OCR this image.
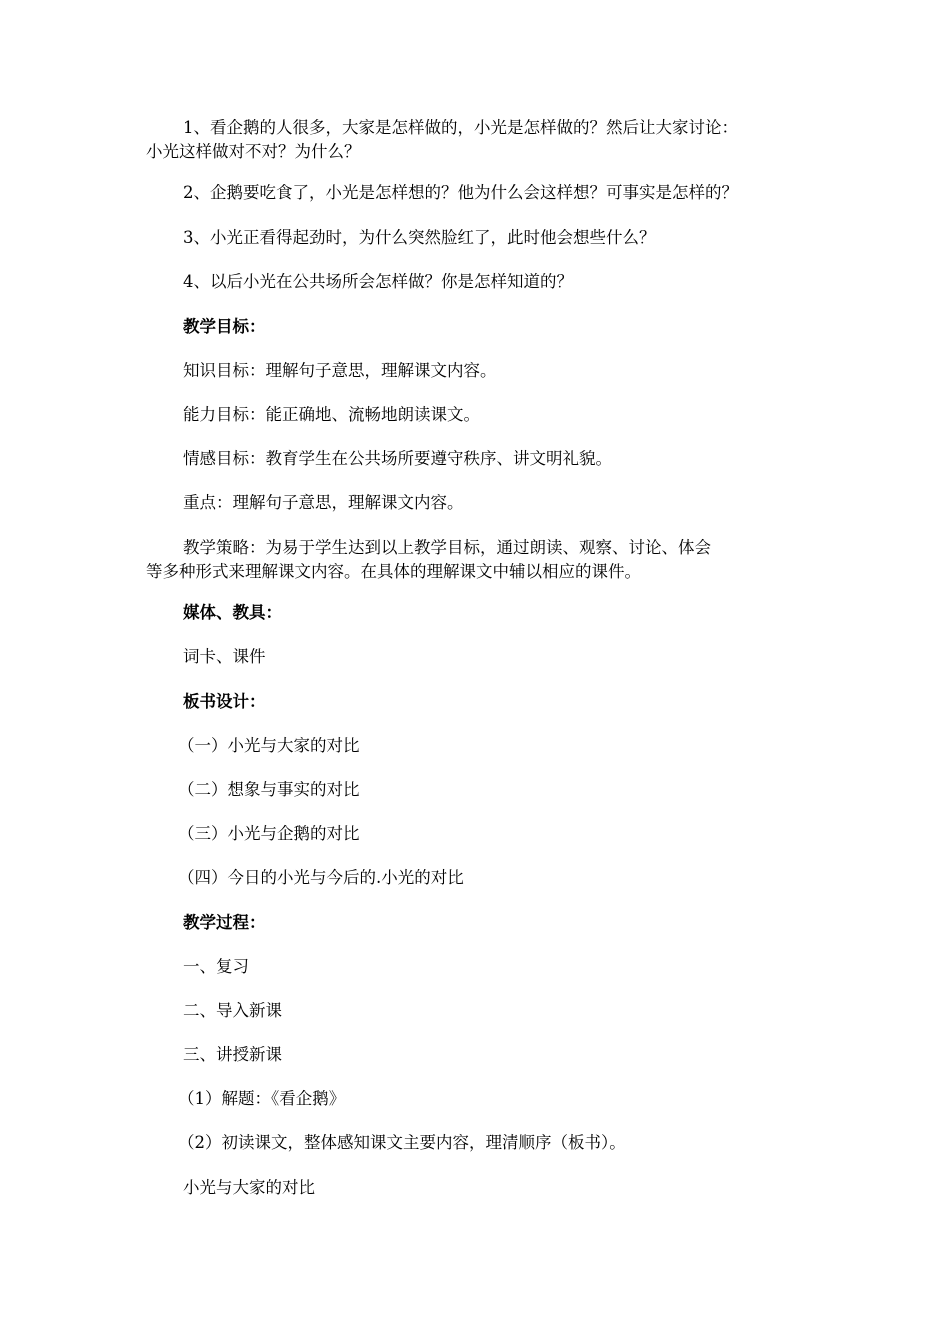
1、看企鹅的人很多，大家是怎样做的，小光是怎样做的？然后让大家讨论：
小光这样做对不对？为什么？
2、企鹅要吃食了，小光是怎样想的？他为什么会这样想？可事实是怎样的？
3、小光正看得起劲时，为什么突然脸红了，此时他会想些什么？
4、以后小光在公共场所会怎样做？你是怎样知道的？
教学目标：
知识目标：理解句子意思，理解课文内容。
能力目标：能正确地、流畅地朗读课文。
情感目标：教育学生在公共场所要遵守秩序、讲文明礼貌。
重点：理解句子意思，理解课文内容。
教学策略：为易于学生达到以上教学目标，通过朗读、观察、讨论、体会
等多种形式来理解课文内容。在具体的理解课文中辅以相应的课件。
媒体、教具：
词卡、课件
板书设计：
（一）小光与大家的对比
（二）想象与事实的对比
（三）小光与企鹅的对比
（四）今日的小光与今后的.小光的对比
教学过程：
一、复习
二、导入新课
三、讲授新课
（1）解题：《看企鹅》
（2）初读课文，整体感知课文主要内容，理清顺序（板书）。
小光与大家的对比
